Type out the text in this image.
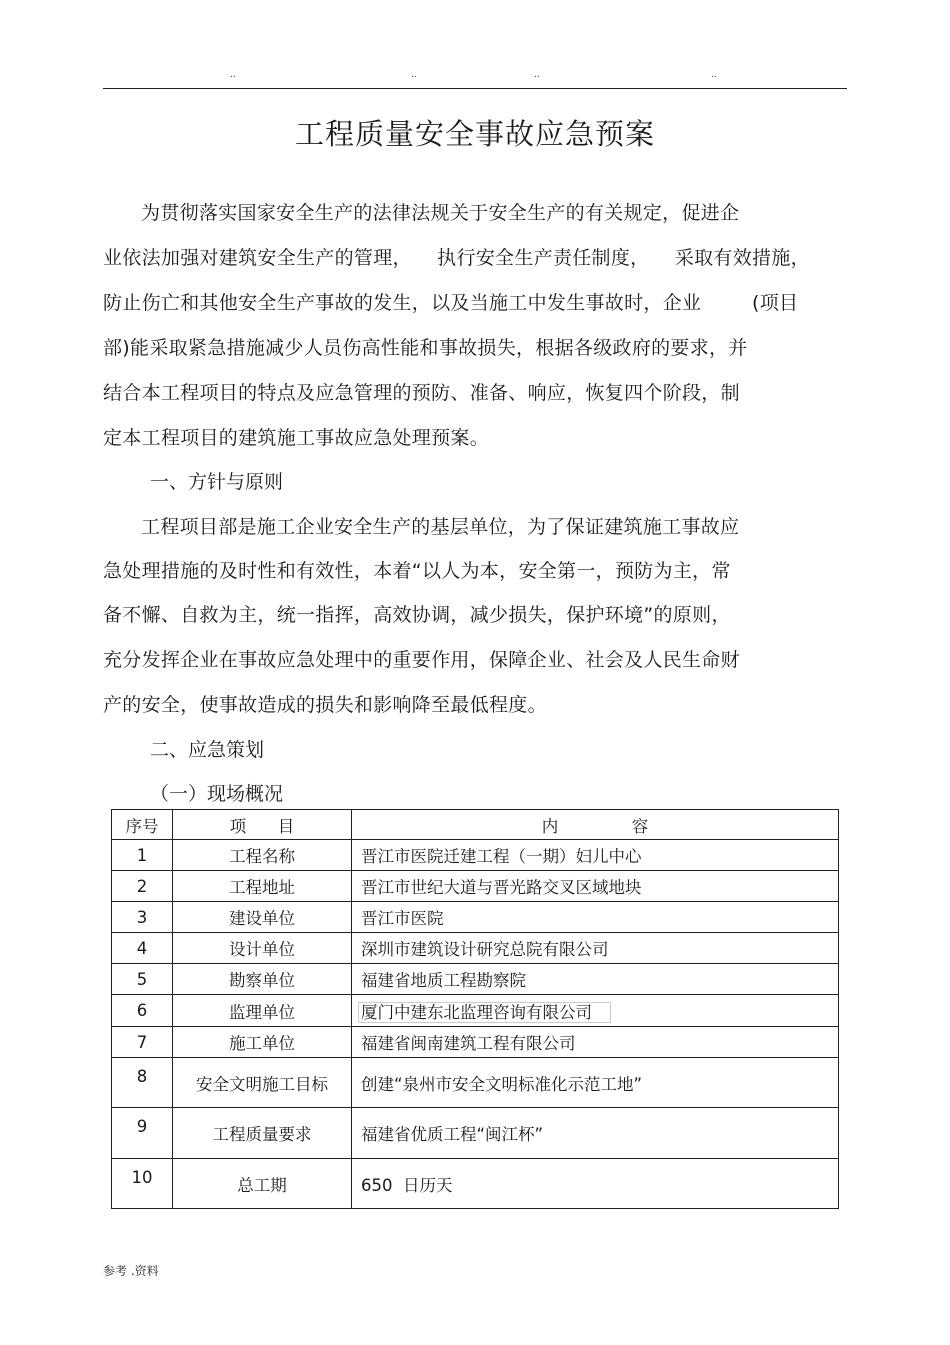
..	..	..	..
工程质量安全事故应急预案
为贯彻落实国家安全生产的法律法规关于安全生产的有关规定，促进企
业依法加强对建筑安全生产的管理，    执行安全生产责任制度，    采取有效措施，
防止伤亡和其他安全生产事故的发生，以及当施工中发生事故时，企业        (项目
部)能采取紧急措施减少人员伤高性能和事故损失，根据各级政府的要求，并
结合本工程项目的特点及应急管理的预防、准备、响应，恢复四个阶段，制
定本工程项目的建筑施工事故应急处理预案。
一、方针与原则
工程项目部是施工企业安全生产的基层单位，为了保证建筑施工事故应
急处理措施的及时性和有效性，本着“以人为本，安全第一，预防为主，常
备不懈、自救为主，统一指挥，高效协调，减少损失，保护环境”的原则，
充分发挥企业在事故应急处理中的重要作用，保障企业、社会及人民生命财
产的安全，使事故造成的损失和影响降至最低程度。
二、应急策划
（一）现场概况
序号	项      目	内              容
1	工程名称	晋江市医院迁建工程（一期）妇儿中心
2	工程地址	晋江市世纪大道与晋光路交叉区域地块
3	建设单位	晋江市医院
4	设计单位	深圳市建筑设计研究总院有限公司
5	勘察单位	福建省地质工程勘察院
6	监理单位	厦门中建东北监理咨询有限公司
7	施工单位	福建省闽南建筑工程有限公司
8	安全文明施工目标	创建“泉州市安全文明标准化示范工地”
9	工程质量要求	福建省优质工程“闽江杯”
10	总工期	650  日历天
参考 .资料
